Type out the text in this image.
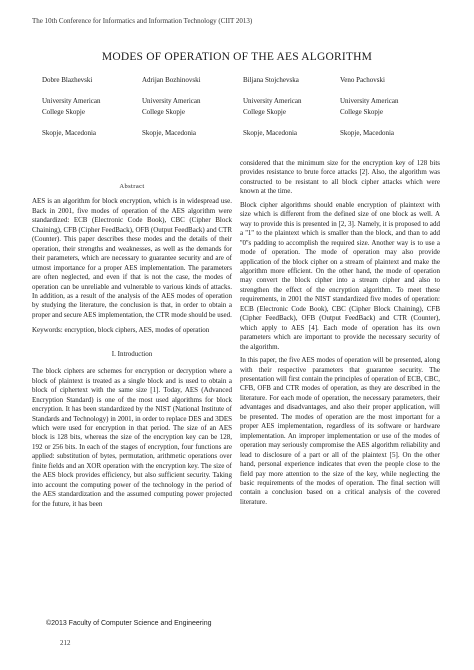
The 10th Conference for Informatics and Information Technology (CIIT 2013)
MODES OF OPERATION OF THE AES ALGORITHM
Dobre Blazhevski
University American
College Skopje
Skopje, Macedonia
Adrijan Bozhinovski
University American
College Skopje
Skopje, Macedonia
Biljana Stojchevska
University American
College Skopje
Skopje, Macedonia
Veno Pachovski
University American
College Skopje
Skopje, Macedonia
Abstract
AES is an algorithm for block encryption, which is in widespread use. Back in 2001, five modes of operation of the AES algorithm were standardized: ECB (Electronic Code Book), CBC (Cipher Block Chaining), CFB (Cipher FeedBack), OFB (Output FeedBack) and CTR (Counter). This paper describes these modes and the details of their operation, their strengths and weaknesses, as well as the demands for their parameters, which are necessary to guarantee security and are of utmost importance for a proper AES implementation. The parameters are often neglected, and even if that is not the case, the modes of operation can be unreliable and vulnerable to various kinds of attacks. In addition, as a result of the analysis of the AES modes of operation by studying the literature, the conclusion is that, in order to obtain a proper and secure AES implementation, the CTR mode should be used.
Keywords: encryption, block ciphers, AES, modes of operation
I. Introduction
The block ciphers are schemes for encryption or decryption where a block of plaintext is treated as a single block and is used to obtain a block of ciphertext with the same size [1]. Today, AES (Advanced Encryption Standard) is one of the most used algorithms for block encryption. It has been standardized by the NIST (National Institute of Standards and Technology) in 2001, in order to replace DES and 3DES which were used for encryption in that period. The size of an AES block is 128 bits, whereas the size of the encryption key can be 128, 192 or 256 bits. In each of the stages of encryption, four functions are applied: substitution of bytes, permutation, arithmetic operations over finite fields and an XOR operation with the encryption key. The size of the AES block provides efficiency, but also sufficient security. Taking into account the computing power of the technology in the period of the AES standardization and the assumed computing power projected for the future, it has been
considered that the minimum size for the encryption key of 128 bits provides resistance to brute force attacks [2]. Also, the algorithm was constructed to be resistant to all block cipher attacks which were known at the time.
Block cipher algorithms should enable encryption of plaintext with size which is different from the defined size of one block as well. A way to provide this is presented in [2, 3]. Namely, it is proposed to add a ''1'' to the plaintext which is smaller than the block, and than to add ''0''s padding to accomplish the required size. Another way is to use a mode of operation. The mode of operation may also provide application of the block cipher on a stream of plaintext and make the algorithm more efficient. On the other hand, the mode of operation may convert the block cipher into a stream cipher and also to strengthen the effect of the encryption algorithm. To meet these requirements, in 2001 the NIST standardized five modes of operation: ECB (Electronic Code Book), CBC (Cipher Block Chaining), CFB (Cipher FeedBack), OFB (Output FeedBack) and CTR (Counter), which apply to AES [4]. Each mode of operation has its own parameters which are important to provide the necessary security of the algorithm.
In this paper, the five AES modes of operation will be presented, along with their respective parameters that guarantee security. The presentation will first contain the principles of operation of ECB, CBC, CFB, OFB and CTR modes of operation, as they are described in the literature. For each mode of operation, the necessary parameters, their advantages and disadvantages, and also their proper application, will be presented. The modes of operation are the most important for a proper AES implementation, regardless of its software or hardware implementation. An improper implementation or use of the modes of operation may seriously compromise the AES algorithm reliability and lead to disclosure of a part or all of the plaintext [5]. On the other hand, personal experience indicates that even the people close to the field pay more attention to the size of the key, while neglecting the basic requirements of the modes of operation. The final section will contain a conclusion based on a critical analysis of the covered literature.
©2013 Faculty of Computer Science and Engineering
212
